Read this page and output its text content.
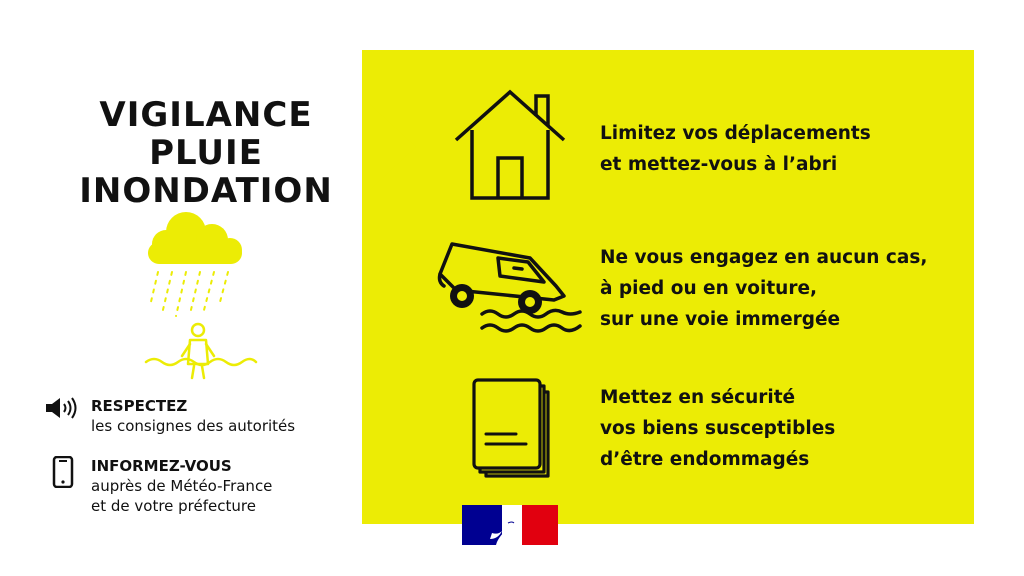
VIGILANCE
PLUIE
INONDATION
RESPECTEZ
les consignes des autorités
INFORMEZ-VOUS
auprès de Météo-France
et de votre préfecture
Limitez vos déplacements
et mettez-vous à l’abri
Ne vous engagez en aucun cas,
à pied ou en voiture,
sur une voie immergée
Mettez en sécurité
vos biens susceptibles
d’être endommagés
